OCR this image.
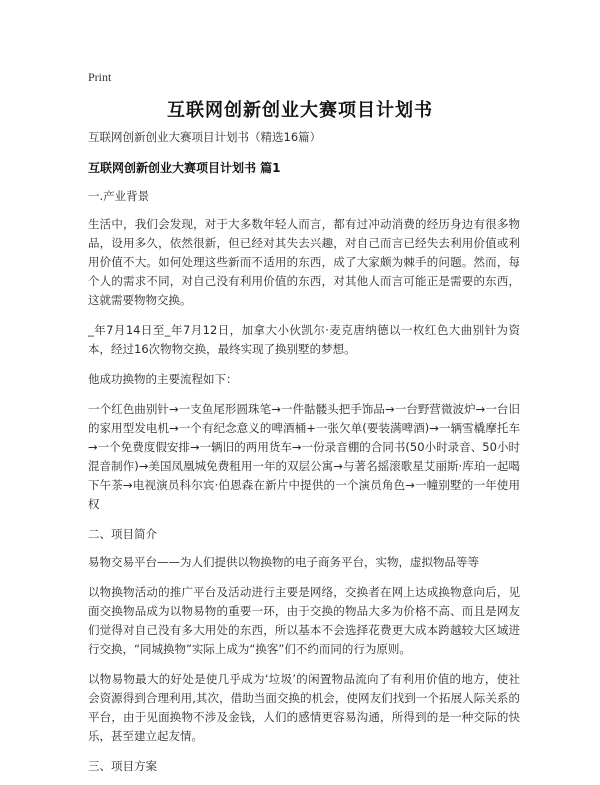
Print
互联网创新创业大赛项目计划书

互联网创新创业大赛项目计划书（精选16篇）

互联网创新创业大赛项目计划书 篇1

一.产业背景

生活中，我们会发现，对于大多数年轻人而言，都有过冲动消费的经历身边有很多物品，设用多久，依然很新，但已经对其失去兴趣，对自己而言已经失去利用价值或利用价值不大。如何处理这些新而不适用的东西，成了大家颇为棘手的问题。然而，每个人的需求不同，对自己没有利用价值的东西，对其他人而言可能正是需要的东西，这就需要物物交换。

_年7月14日至_年7月12日，加拿大小伙凯尔·麦克唐纳德以一枚红色大曲别针为资本，经过16次物物交换，最终实现了换别墅的梦想。

他成功换物的主要流程如下：

一个红色曲别针→一支鱼尾形圆珠笔→一件骷髅头把手饰品→一台野营微波炉→一台旧的家用型发电机→一个有纪念意义的啤酒桶+一张欠单(要装满啤酒)→一辆雪橇摩托车→一个免费度假安排→一辆旧的两用货车→一份录音棚的合同书(50小时录音、50小时混音制作)→美国凤凰城免费租用一年的双层公寓→与著名摇滚歌星艾丽斯·库珀一起喝下午茶→电视演员科尔宾·伯恩森在新片中提供的一个演员角色→一幢别墅的一年使用权

二、项目简介

易物交易平台——为人们提供以物换物的电子商务平台，实物，虚拟物品等等

以物换物活动的推广平台及活动进行主要是网络，交换者在网上达成换物意向后，见面交换物品成为以物易物的重要一环，由于交换的物品大多为价格不高、而且是网友们觉得对自己没有多大用处的东西，所以基本不会选择花费更大成本跨越较大区域进行交换，“同城换物”实际上成为“换客”们不约而同的行为原则。

以物易物最大的好处是使几乎成为‘垃圾’的闲置物品流向了有利用价值的地方，使社会资源得到合理利用,其次，借助当面交换的机会，使网友们找到一个拓展人际关系的平台，由于见面换物不涉及金钱，人们的感情更容易沟通，所得到的是一种交际的快乐，甚至建立起友情。

三、项目方案
